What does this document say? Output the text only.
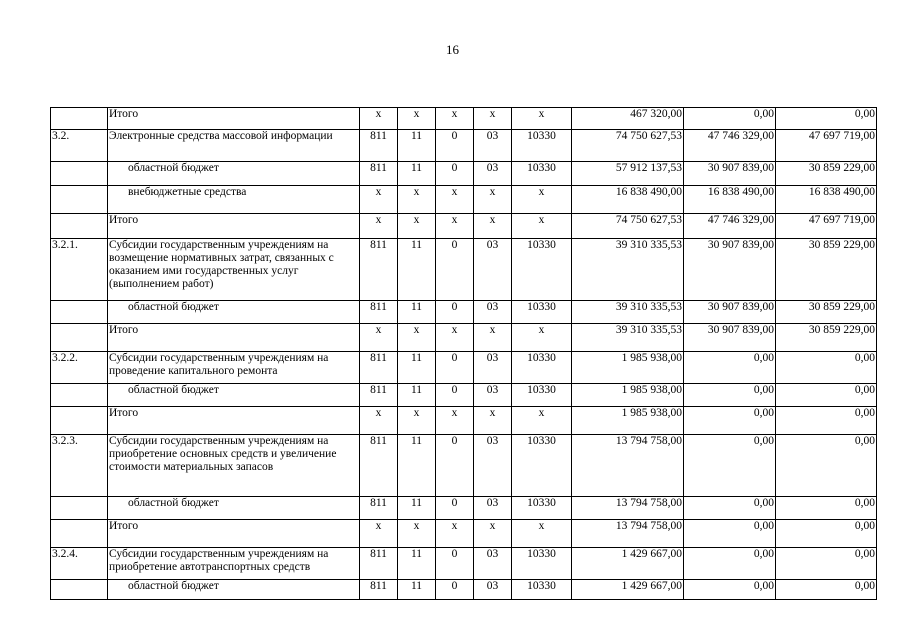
16
	Итого	х	х	х	х	х	467 320,00	0,00	0,00
3.2.	Электронные средства массовой информации	811	11	0	03	10330	74 750 627,53	47 746 329,00	47 697 719,00
	областной бюджет	811	11	0	03	10330	57 912 137,53	30 907 839,00	30 859 229,00
	внебюджетные средства	х	х	х	х	х	16 838 490,00	16 838 490,00	16 838 490,00
	Итого	х	х	х	х	х	74 750 627,53	47 746 329,00	47 697 719,00
3.2.1.	Субсидии государственным учреждениям на возмещение нормативных затрат, связанных с оказанием ими государственных услуг (выполнением работ)	811	11	0	03	10330	39 310 335,53	30 907 839,00	30 859 229,00
	областной бюджет	811	11	0	03	10330	39 310 335,53	30 907 839,00	30 859 229,00
	Итого	х	х	х	х	х	39 310 335,53	30 907 839,00	30 859 229,00
3.2.2.	Субсидии государственным учреждениям на проведение капитального ремонта	811	11	0	03	10330	1 985 938,00	0,00	0,00
	областной бюджет	811	11	0	03	10330	1 985 938,00	0,00	0,00
	Итого	х	х	х	х	х	1 985 938,00	0,00	0,00
3.2.3.	Субсидии государственным учреждениям на приобретение основных средств и увеличение стоимости материальных запасов	811	11	0	03	10330	13 794 758,00	0,00	0,00
	областной бюджет	811	11	0	03	10330	13 794 758,00	0,00	0,00
	Итого	х	х	х	х	х	13 794 758,00	0,00	0,00
3.2.4.	Субсидии государственным учреждениям на приобретение автотранспортных средств	811	11	0	03	10330	1 429 667,00	0,00	0,00
	областной бюджет	811	11	0	03	10330	1 429 667,00	0,00	0,00
